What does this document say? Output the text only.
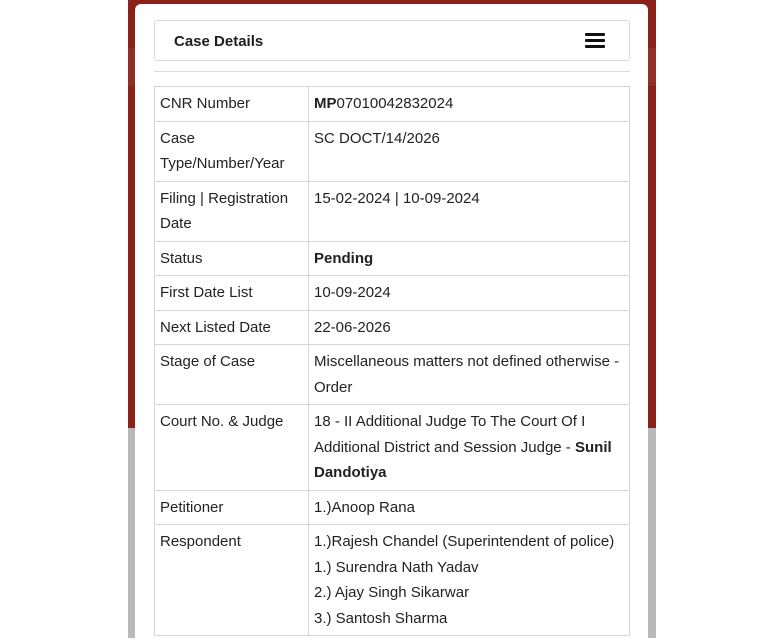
Case Details
CNR Number	MP07010042832024
Case Type/Number/Year	SC DOCT/14/2026
Filing | Registration Date	15-02-2024 | 10-09-2024
Status	Pending
First Date List	10-09-2024
Next Listed Date	22-06-2026
Stage of Case	Miscellaneous matters not defined otherwise - Order
Court No. & Judge	18 - II Additional Judge To The Court Of I Additional District and Session Judge - Sunil Dandotiya
Petitioner	1.)Anoop Rana
Respondent	1.)Rajesh Chandel (Superintendent of police)
1.) Surendra Nath Yadav
2.) Ajay Singh Sikarwar
3.) Santosh Sharma
